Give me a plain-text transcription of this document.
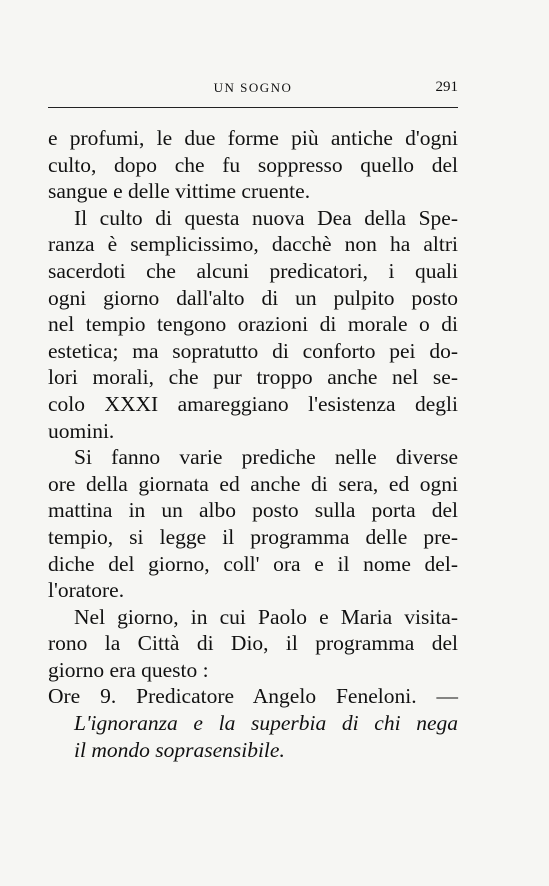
UN SOGNO	291
e profumi, le due forme più antiche d'ogni
culto, dopo che fu soppresso quello del
sangue e delle vittime cruente.
Il culto di questa nuova Dea della Spe-
ranza è semplicissimo, dacchè non ha altri
sacerdoti che alcuni predicatori, i quali
ogni giorno dall'alto di un pulpito posto
nel tempio tengono orazioni di morale o di
estetica; ma sopratutto di conforto pei do-
lori morali, che pur troppo anche nel se-
colo XXXI amareggiano l'esistenza degli
uomini.
Si fanno varie prediche nelle diverse
ore della giornata ed anche di sera, ed ogni
mattina in un albo posto sulla porta del
tempio, si legge il programma delle pre-
diche del giorno, coll' ora e il nome del-
l'oratore.
Nel giorno, in cui Paolo e Maria visita-
rono la Città di Dio, il programma del
giorno era questo :
Ore 9. Predicatore Angelo Feneloni. —
L'ignoranza e la superbia di chi nega
il mondo soprasensibile.
